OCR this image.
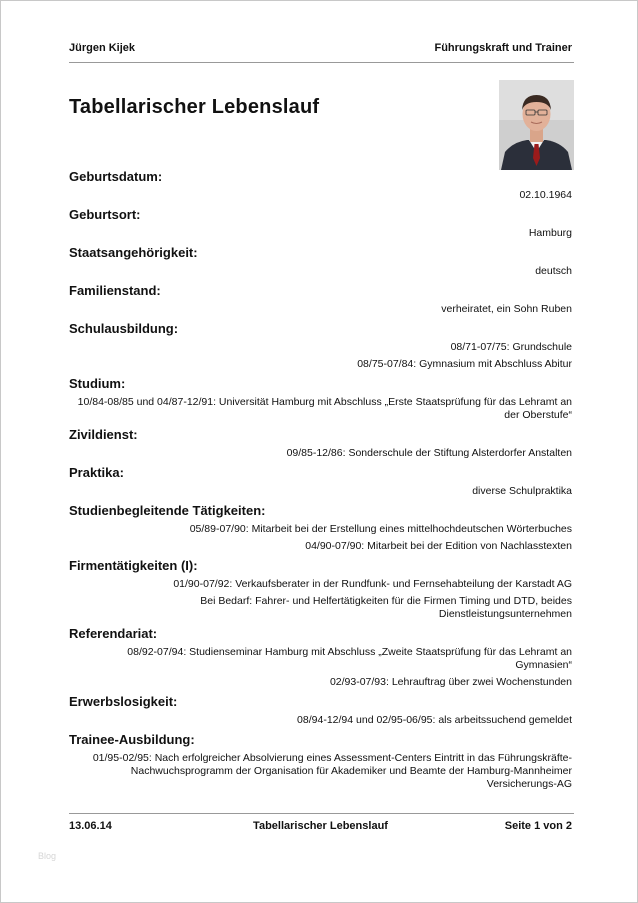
Jürgen Kijek	Führungskraft und Trainer
Tabellarischer Lebenslauf
Geburtsdatum:
02.10.1964
Geburtsort:
Hamburg
Staatsangehörigkeit:
deutsch
Familienstand:
verheiratet, ein Sohn Ruben
Schulausbildung:
08/71-07/75: Grundschule
08/75-07/84: Gymnasium mit Abschluss Abitur
Studium:
10/84-08/85 und 04/87-12/91: Universität Hamburg mit Abschluss „Erste Staatsprüfung für das Lehramt an der Oberstufe“
Zivildienst:
09/85-12/86: Sonderschule der Stiftung Alsterdorfer Anstalten
Praktika:
diverse Schulpraktika
Studienbegleitende Tätigkeiten:
05/89-07/90: Mitarbeit bei der Erstellung eines mittelhochdeutschen Wörterbuches
04/90-07/90: Mitarbeit bei der Edition von Nachlasstexten
Firmentätigkeiten (I):
01/90-07/92: Verkaufsberater in der Rundfunk- und Fernsehabteilung der Karstadt AG
Bei Bedarf: Fahrer- und Helfertätigkeiten für die Firmen Timing und DTD, beides Dienstleistungsunternehmen
Referendariat:
08/92-07/94: Studienseminar Hamburg mit Abschluss „Zweite Staatsprüfung für das Lehramt an Gymnasien“
02/93-07/93: Lehrauftrag über zwei Wochenstunden
Erwerbslosigkeit:
08/94-12/94 und 02/95-06/95: als arbeitssuchend gemeldet
Trainee-Ausbildung:
01/95-02/95: Nach erfolgreicher Absolvierung eines Assessment-Centers Eintritt in das Führungskräfte-Nachwuchsprogramm der Organisation für Akademiker und Beamte der Hamburg-Mannheimer Versicherungs-AG
13.06.14	Tabellarischer Lebenslauf	Seite 1 von 2
Blog
